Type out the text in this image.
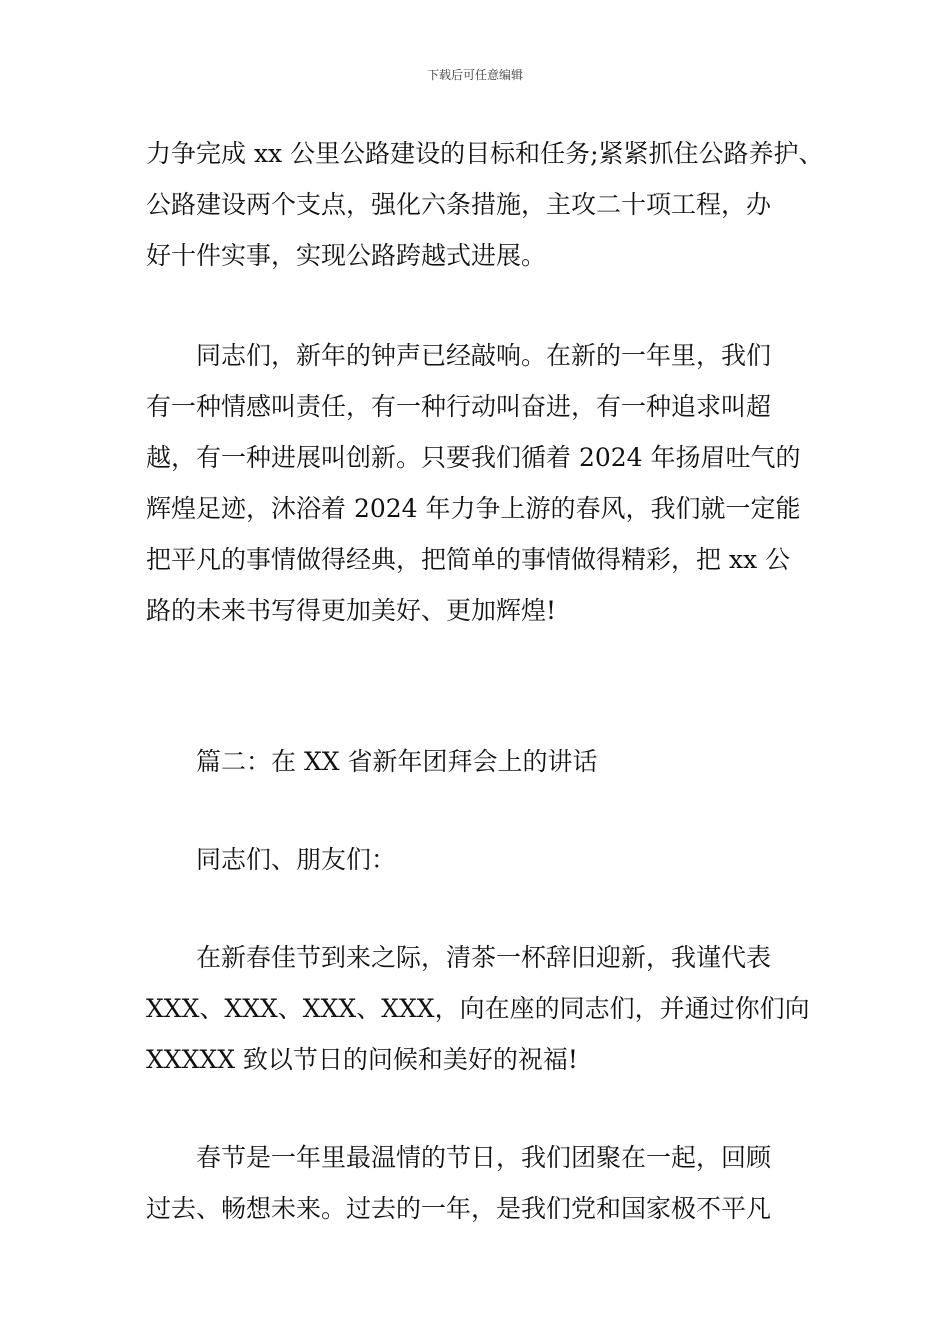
下载后可任意编辑

力争完成 xx 公里公路建设的目标和任务;紧紧抓住公路养护、
公路建设两个支点，强化六条措施，主攻二十项工程，办
好十件实事，实现公路跨越式进展。

同志们，新年的钟声已经敲响。在新的一年里，我们
有一种情感叫责任，有一种行动叫奋进，有一种追求叫超
越，有一种进展叫创新。只要我们循着 2024 年扬眉吐气的
辉煌足迹，沐浴着 2024 年力争上游的春风，我们就一定能
把平凡的事情做得经典，把简单的事情做得精彩，把 xx 公
路的未来书写得更加美好、更加辉煌!

篇二：在 XX 省新年团拜会上的讲话

同志们、朋友们：

在新春佳节到来之际，清茶一杯辞旧迎新，我谨代表
XXX、XXX、XXX、XXX，向在座的同志们，并通过你们向
XXXXX 致以节日的问候和美好的祝福!

春节是一年里最温情的节日，我们团聚在一起，回顾
过去、畅想未来。过去的一年，是我们党和国家极不平凡
